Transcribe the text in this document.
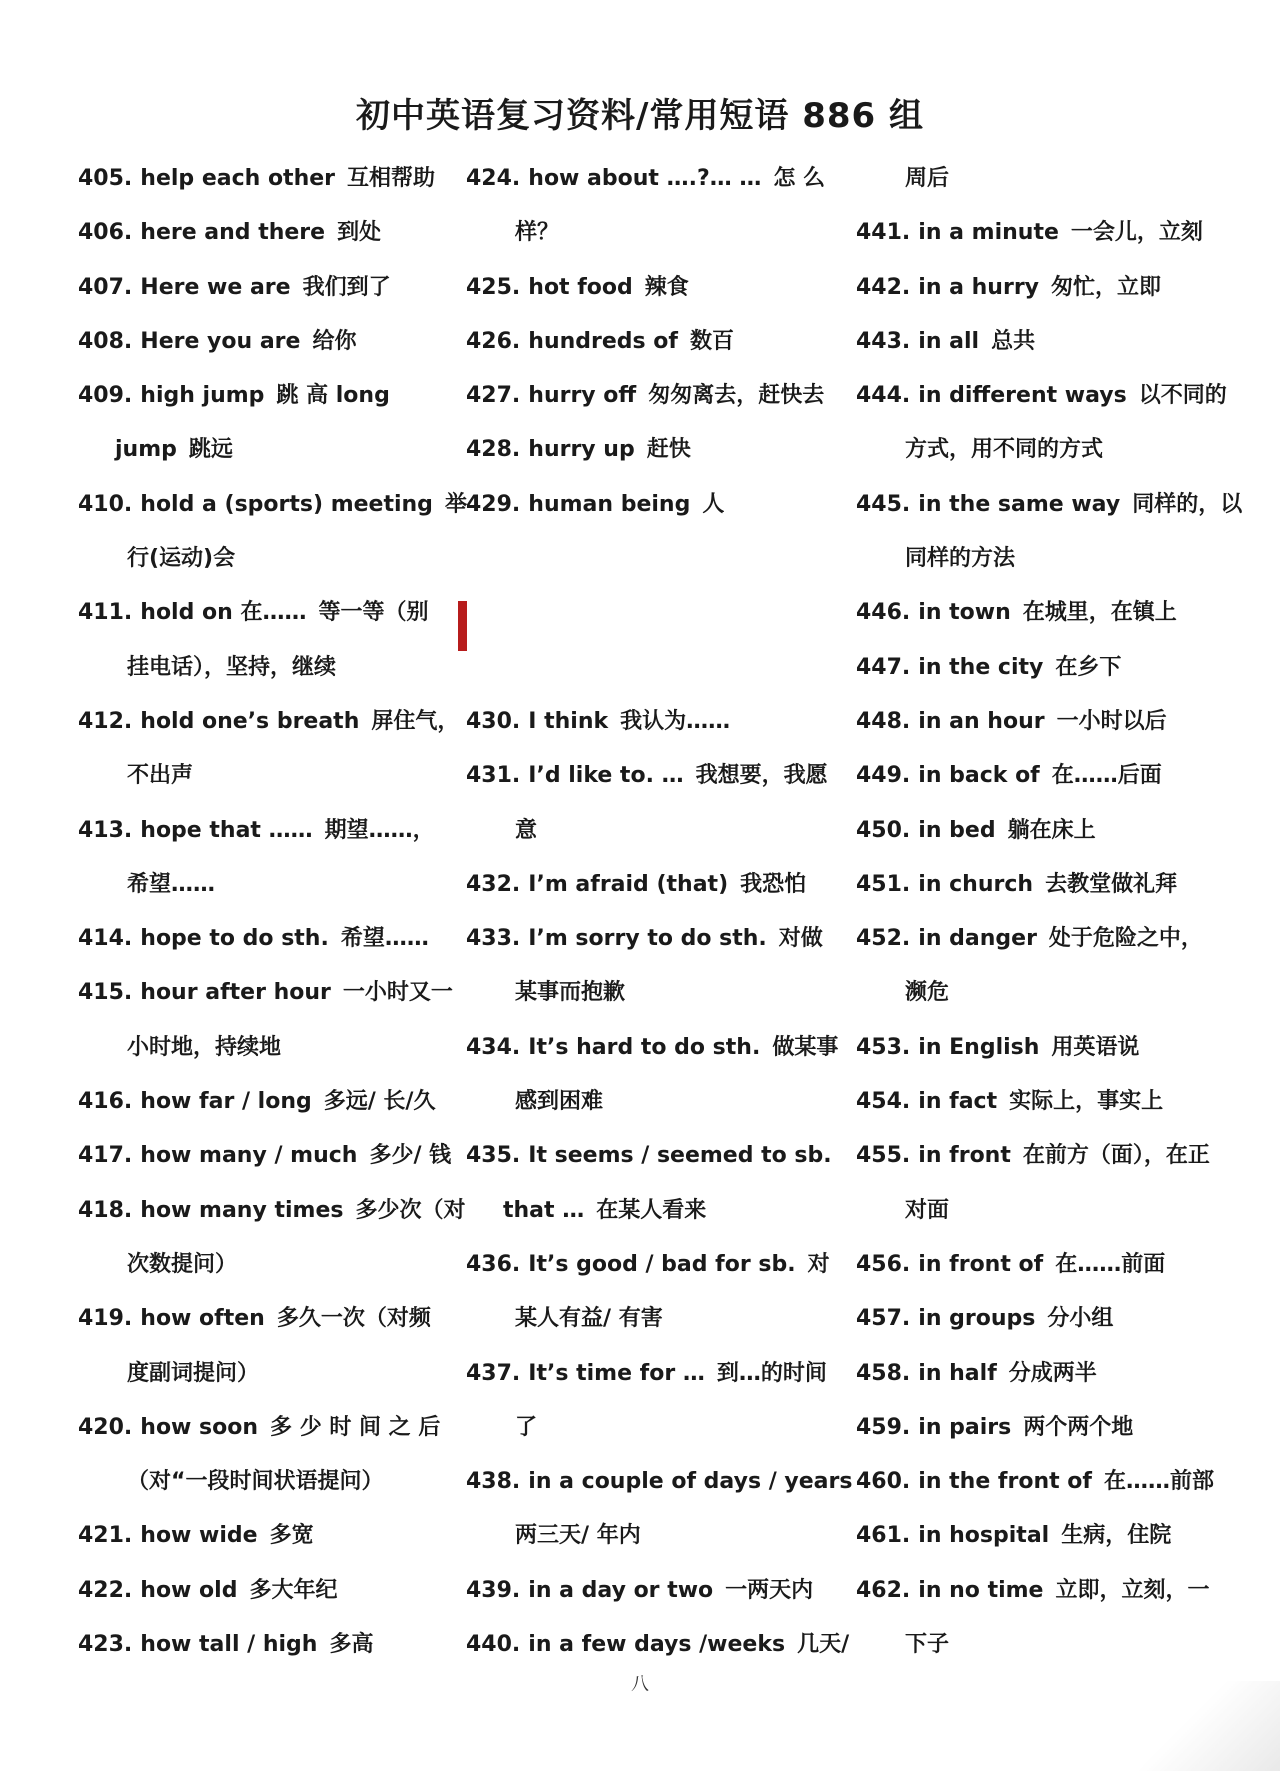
初中英语复习资料/常用短语 886 组
405. help each other 互相帮助
406. here and there 到处
407. Here we are 我们到了
408. Here you are 给你
409. high jump 跳 高 long
jump 跳远
410. hold a (sports) meeting 举
行(运动)会
411. hold on 在…… 等一等（别
挂电话），坚持，继续
412. hold one’s breath 屏住气，
不出声
413. hope that …… 期望……，
希望……
414. hope to do sth. 希望……
415. hour after hour 一小时又一
小时地，持续地
416. how far / long 多远/ 长/久
417. how many / much 多少/ 钱
418. how many times 多少次（对
次数提问）
419. how often 多久一次（对频
度副词提问）
420. how soon 多 少 时 间 之 后
（对“一段时间状语提问）
421. how wide 多宽
422. how old 多大年纪
423. how tall / high 多高
424. how about ….?… … 怎 么
样？
425. hot food 辣食
426. hundreds of 数百
427. hurry off 匆匆离去，赶快去
428. hurry up 赶快
429. human being 人
430. I think 我认为……
431. I’d like to. … 我想要，我愿
意
432. I’m afraid (that) 我恐怕
433. I’m sorry to do sth. 对做
某事而抱歉
434. It’s hard to do sth. 做某事
感到困难
435. It seems / seemed to sb.
that … 在某人看来
436. It’s good / bad for sb. 对
某人有益/ 有害
437. It’s time for … 到…的时间
了
438. in a couple of days / years
两三天/ 年内
439. in a day or two 一两天内
440. in a few days /weeks 几天/
周后
441. in a minute 一会儿，立刻
442. in a hurry 匆忙，立即
443. in all 总共
444. in different ways 以不同的
方式，用不同的方式
445. in the same way 同样的，以
同样的方法
446. in town 在城里，在镇上
447. in the city 在乡下
448. in an hour 一小时以后
449. in back of 在……后面
450. in bed 躺在床上
451. in church 去教堂做礼拜
452. in danger 处于危险之中，
濒危
453. in English 用英语说
454. in fact 实际上，事实上
455. in front 在前方（面），在正
对面
456. in front of 在……前面
457. in groups 分小组
458. in half 分成两半
459. in pairs 两个两个地
460. in the front of 在……前部
461. in hospital 生病，住院
462. in no time 立即，立刻，一
下子
八
